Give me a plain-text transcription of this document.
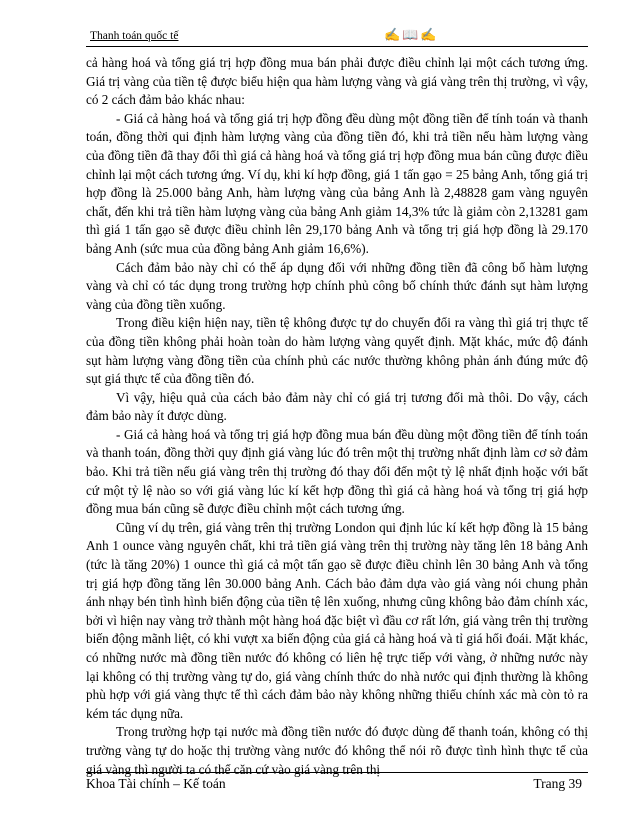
Thanh toán quốc tế	✍📖✍

cả hàng hoá và tổng giá trị hợp đồng mua bán phải được điều chỉnh lại một cách tương ứng. Giá trị vàng của tiền tệ được biểu hiện qua hàm lượng vàng và giá vàng trên thị trường, vì vậy, có 2 cách đảm bảo khác nhau:

- Giá cả hàng hoá và tổng giá trị hợp đồng đều dùng một đồng tiền để tính toán và thanh toán, đồng thời qui định hàm lượng vàng của đồng tiền đó, khi trả tiền nếu hàm lượng vàng của đồng tiền đã thay đổi thì giá cả hàng hoá và tổng giá trị hợp đồng mua bán cũng được điều chỉnh lại một cách tương ứng. Ví dụ, khi kí hợp đồng, giá 1 tấn gạo = 25 bảng Anh, tổng giá trị hợp đồng là 25.000 bảng Anh, hàm lượng vàng của bảng Anh là 2,48828 gam vàng nguyên chất, đến khi trả tiền hàm lượng vàng của bảng Anh giảm 14,3% tức là giảm còn 2,13281 gam thì giá 1 tấn gạo sẽ được điều chỉnh lên 29,170 bảng Anh và tổng trị giá hợp đồng là 29.170 bảng Anh (sức mua của đồng bảng Anh giảm 16,6%).

Cách đảm bảo này chỉ có thể áp dụng đối với những đồng tiền đã công bố hàm lượng vàng và chỉ có tác dụng trong trường hợp chính phủ công bố chính thức đánh sụt hàm lượng vàng của đồng tiền xuống.

Trong điều kiện hiện nay, tiền tệ không được tự do chuyển đổi ra vàng thì giá trị thực tế của đồng tiền không phải hoàn toàn do hàm lượng vàng quyết định. Mặt khác, mức độ đánh sụt hàm lượng vàng đồng tiền của chính phủ các nước thường không phản ánh đúng mức độ sụt giá thực tế của đồng tiền đó.

Vì vậy, hiệu quả của cách bảo đảm này chỉ có giá trị tương đối mà thôi. Do vậy, cách đảm bảo này ít được dùng.

- Giá cả hàng hoá và tổng trị giá hợp đồng mua bán đều dùng một đồng tiền để tính toán và thanh toán, đồng thời quy định giá vàng lúc đó trên một thị trường nhất định làm cơ sở đảm bảo. Khi trả tiền nếu giá vàng trên thị trường đó thay đổi đến một tỷ lệ nhất định hoặc với bất cứ một tỷ lệ nào so với giá vàng lúc kí kết hợp đồng thì giá cả hàng hoá và tổng trị giá hợp đồng mua bán cũng sẽ được điều chỉnh một cách tương ứng.

Cũng ví dụ trên, giá vàng trên thị trường London qui định lúc kí kết hợp đồng là 15 bảng Anh 1 ounce vàng nguyên chất, khi trả tiền giá vàng trên thị trường này tăng lên 18 bảng Anh (tức là tăng 20%) 1 ounce thì giá cả một tấn gạo sẽ được điều chỉnh lên 30 bảng Anh và tổng trị giá hợp đồng tăng lên 30.000 bảng Anh. Cách bảo đảm dựa vào giá vàng nói chung phản ánh nhạy bén tình hình biến động của tiền tệ lên xuống, nhưng cũng không bảo đảm chính xác, bởi vì hiện nay vàng trở thành một hàng hoá đặc biệt vì đầu cơ rất lớn, giá vàng trên thị trường biến động mãnh liệt, có khi vượt xa biến động của giá cả hàng hoá và tỉ giá hối đoái. Mặt khác, có những nước mà đồng tiền nước đó không có liên hệ trực tiếp với vàng, ở những nước này lại không có thị trường vàng tự do, giá vàng chính thức do nhà nước qui định thường là không phù hợp với giá vàng thực tế thì cách đảm bảo này không những thiếu chính xác mà còn tỏ ra kém tác dụng nữa.

Trong trường hợp tại nước mà đồng tiền nước đó được dùng để thanh toán, không có thị trường vàng tự do hoặc thị trường vàng nước đó không thể nói rõ được tình hình thực tế của giá vàng thì người ta có thể căn cứ vào giá vàng trên thị

Khoa Tài chính – Kế toán	Trang 39
